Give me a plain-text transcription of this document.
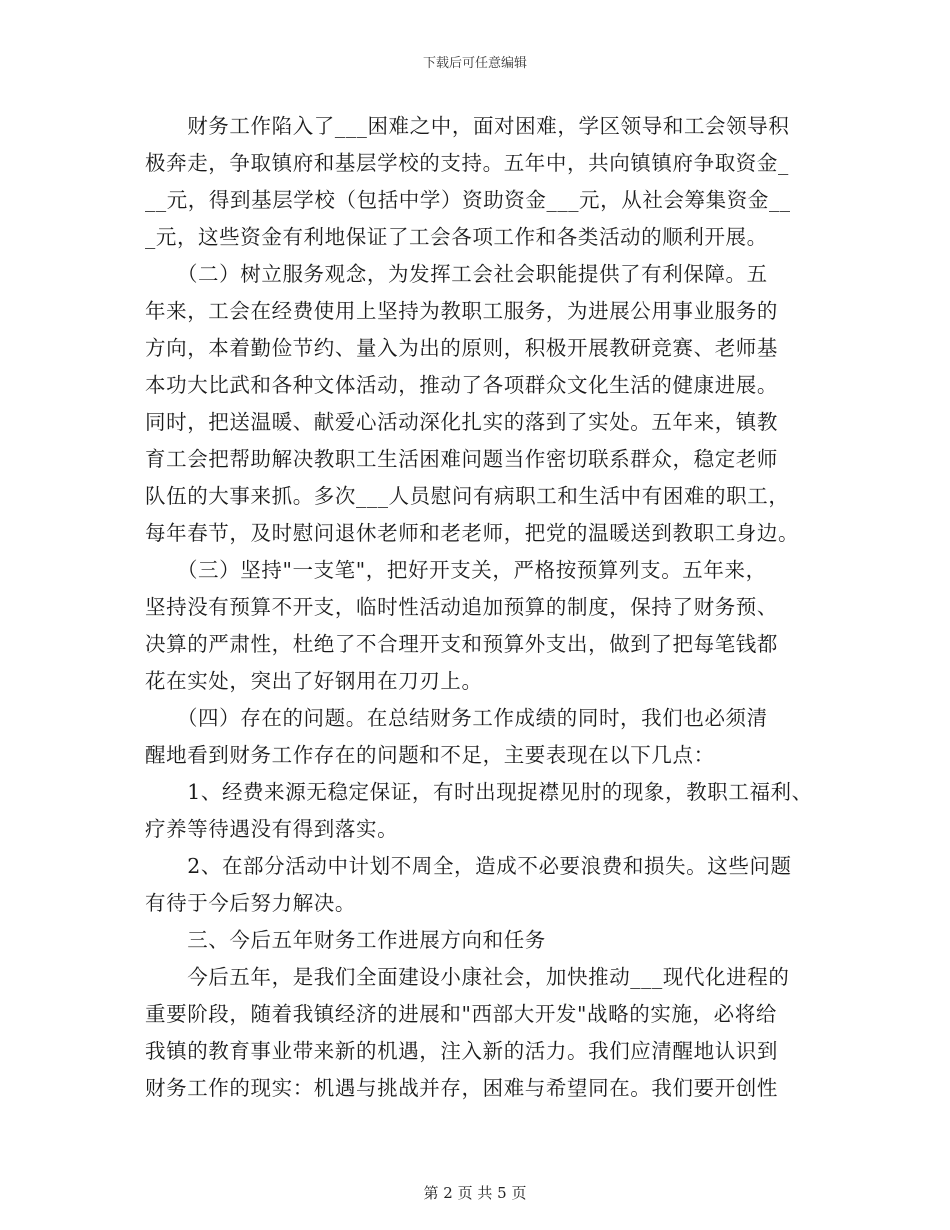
下载后可任意编辑
　　财务工作陷入了___困难之中，面对困难，学区领导和工会领导积
极奔走，争取镇府和基层学校的支持。五年中，共向镇镇府争取资金_
__元，得到基层学校（包括中学）资助资金___元，从社会筹集资金__
_元，这些资金有利地保证了工会各项工作和各类活动的顺利开展。
　　（二）树立服务观念，为发挥工会社会职能提供了有利保障。五
年来，工会在经费使用上坚持为教职工服务，为进展公用事业服务的
方向，本着勤俭节约、量入为出的原则，积极开展教研竞赛、老师基
本功大比武和各种文体活动，推动了各项群众文化生活的健康进展。
同时，把送温暖、献爱心活动深化扎实的落到了实处。五年来，镇教
育工会把帮助解决教职工生活困难问题当作密切联系群众，稳定老师
队伍的大事来抓。多次___人员慰问有病职工和生活中有困难的职工，
每年春节，及时慰问退休老师和老老师，把党的温暖送到教职工身边。
　　（三）坚持"一支笔"，把好开支关，严格按预算列支。五年来，
坚持没有预算不开支，临时性活动追加预算的制度，保持了财务预、
决算的严肃性，杜绝了不合理开支和预算外支出，做到了把每笔钱都
花在实处，突出了好钢用在刀刃上。
　　（四）存在的问题。在总结财务工作成绩的同时，我们也必须清
醒地看到财务工作存在的问题和不足，主要表现在以下几点：
　　1、经费来源无稳定保证，有时出现捉襟见肘的现象，教职工福利、
疗养等待遇没有得到落实。
　　2、在部分活动中计划不周全，造成不必要浪费和损失。这些问题
有待于今后努力解决。
　　三、今后五年财务工作进展方向和任务
　　今后五年，是我们全面建设小康社会，加快推动___现代化进程的
重要阶段，随着我镇经济的进展和"西部大开发"战略的实施，必将给
我镇的教育事业带来新的机遇，注入新的活力。我们应清醒地认识到
财务工作的现实：机遇与挑战并存，困难与希望同在。我们要开创性
第 2 页 共 5 页
